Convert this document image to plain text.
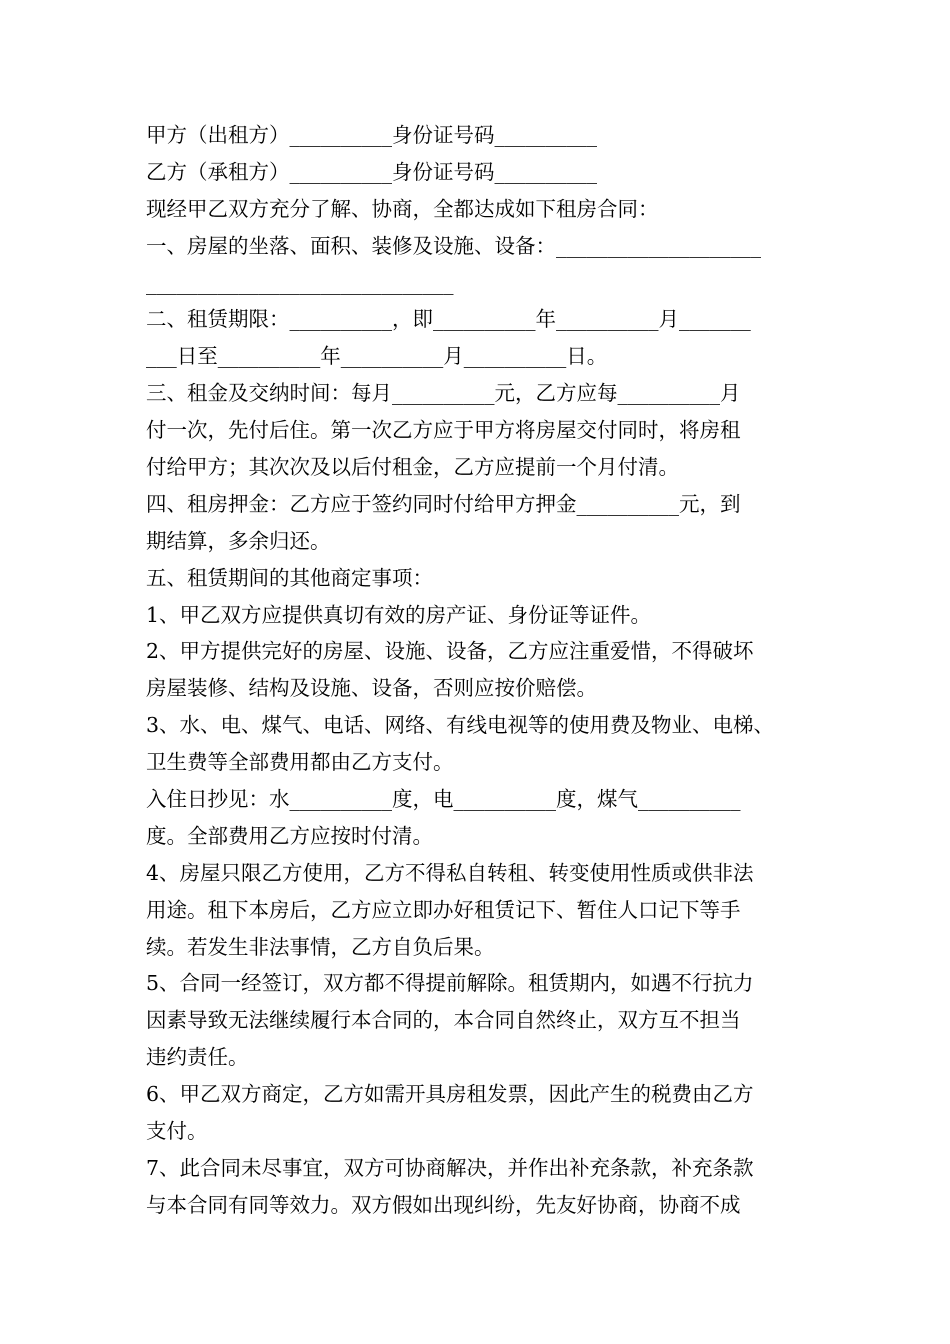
甲方（出租方）__________身份证号码__________
乙方（承租方）__________身份证号码__________
现经甲乙双方充分了解、协商，全都达成如下租房合同：
一、房屋的坐落、面积、装修及设施、设备：____________________
______________________________
二、租赁期限：__________，即__________年__________月_______
___日至__________年__________月__________日。
三、租金及交纳时间：每月__________元，乙方应每__________月
付一次，先付后住。第一次乙方应于甲方将房屋交付同时，将房租
付给甲方；其次次及以后付租金，乙方应提前一个月付清。
四、租房押金：乙方应于签约同时付给甲方押金__________元，到
期结算，多余归还。
五、租赁期间的其他商定事项：
1、甲乙双方应提供真切有效的房产证、身份证等证件。
2、甲方提供完好的房屋、设施、设备，乙方应注重爱惜，不得破坏
房屋装修、结构及设施、设备，否则应按价赔偿。
3、水、电、煤气、电话、网络、有线电视等的使用费及物业、电梯、
卫生费等全部费用都由乙方支付。
入住日抄见：水__________度，电__________度，煤气__________
度。全部费用乙方应按时付清。
4、房屋只限乙方使用，乙方不得私自转租、转变使用性质或供非法
用途。租下本房后，乙方应立即办好租赁记下、暂住人口记下等手
续。若发生非法事情，乙方自负后果。
5、合同一经签订，双方都不得提前解除。租赁期内，如遇不行抗力
因素导致无法继续履行本合同的，本合同自然终止，双方互不担当
违约责任。
6、甲乙双方商定，乙方如需开具房租发票，因此产生的税费由乙方
支付。
7、此合同未尽事宜，双方可协商解决，并作出补充条款，补充条款
与本合同有同等效力。双方假如出现纠纷，先友好协商，协商不成
